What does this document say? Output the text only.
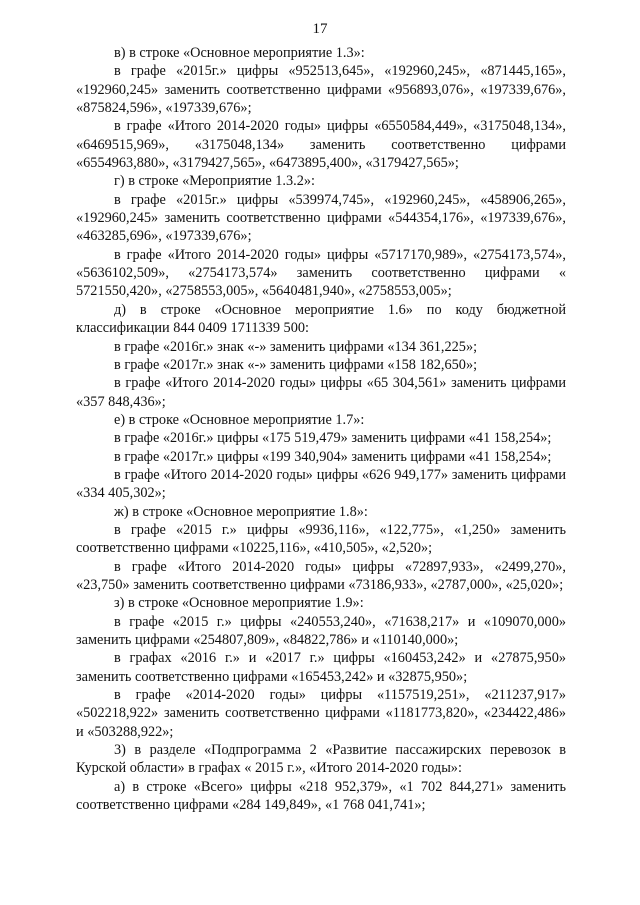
17

в) в строке «Основное мероприятие 1.3»:

в графе «2015г.» цифры «952513,645», «192960,245», «871445,165», «192960,245» заменить соответственно цифрами «956893,076», «197339,676», «875824,596», «197339,676»;

в графе «Итого 2014-2020 годы» цифры «6550584,449», «3175048,134», «6469515,969», «3175048,134» заменить соответственно цифрами «6554963,880», «3179427,565», «6473895,400», «3179427,565»;

г) в строке «Мероприятие 1.3.2»:

в графе «2015г.» цифры «539974,745», «192960,245», «458906,265», «192960,245» заменить соответственно цифрами «544354,176», «197339,676», «463285,696», «197339,676»;

в графе «Итого 2014-2020 годы» цифры «5717170,989», «2754173,574», «5636102,509», «2754173,574» заменить соответственно цифрами « 5721550,420», «2758553,005», «5640481,940», «2758553,005»;

д) в строке «Основное мероприятие 1.6» по коду бюджетной классификации 844 0409 1711339 500:

в графе «2016г.» знак «-» заменить цифрами «134 361,225»;

в графе «2017г.» знак «-» заменить цифрами «158 182,650»;

в графе «Итого 2014-2020 годы» цифры «65 304,561» заменить цифрами «357 848,436»;

е) в строке «Основное мероприятие 1.7»:

в графе «2016г.» цифры «175 519,479» заменить цифрами «41 158,254»;

в графе «2017г.» цифры «199 340,904» заменить цифрами «41 158,254»;

в графе «Итого 2014-2020 годы» цифры «626 949,177» заменить цифрами «334 405,302»;

ж) в строке «Основное мероприятие 1.8»:

в графе «2015 г.» цифры «9936,116», «122,775», «1,250» заменить соответственно цифрами «10225,116», «410,505», «2,520»;

в графе «Итого 2014-2020 годы» цифры «72897,933», «2499,270», «23,750» заменить соответственно цифрами «73186,933», «2787,000», «25,020»;

з) в строке «Основное мероприятие 1.9»:

в графе «2015 г.» цифры «240553,240», «71638,217» и «109070,000» заменить цифрами «254807,809», «84822,786» и «110140,000»;

в графах «2016 г.» и «2017 г.» цифры «160453,242» и «27875,950» заменить соответственно цифрами «165453,242» и «32875,950»;

в графе «2014-2020 годы» цифры «1157519,251», «211237,917» «502218,922» заменить соответственно цифрами «1181773,820», «234422,486» и «503288,922»;

3) в разделе «Подпрограмма 2 «Развитие пассажирских перевозок в Курской области» в графах « 2015 г.», «Итого 2014-2020 годы»:

а) в строке «Всего» цифры «218 952,379», «1 702 844,271» заменить соответственно цифрами «284 149,849», «1 768 041,741»;
